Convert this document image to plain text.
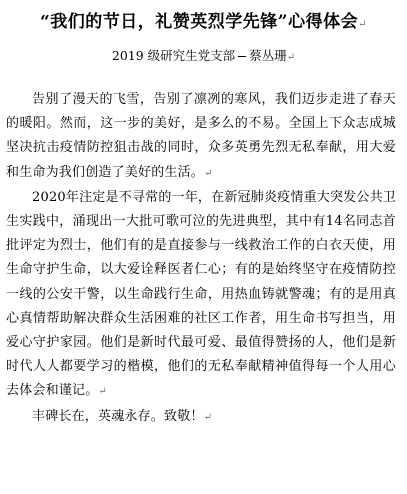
“我们的节日，礼赞英烈学先锋”心得体会↵
2019 级研究生党支部 蔡丛珊↵

告别了漫天的飞雪，告别了凛冽的寒风，我们迈步走进了春天的暖阳。然而，这一步的美好，是多么的不易。全国上下众志成城坚决抗击疫情防控狙击战的同时，众多英勇先烈无私奉献，用大爱和生命为我们创造了美好的生活。↵

2020年注定是不寻常的一年，在新冠肺炎疫情重大突发公共卫生实践中，涌现出一大批可歌可泣的先进典型，其中有14名同志首批评定为烈士，他们有的是直接参与一线救治工作的白衣天使，用生命守护生命，以大爱诠释医者仁心；有的是始终坚守在疫情防控一线的公安干警，以生命践行生命，用热血铸就警魂；有的是用真心真情帮助解决群众生活困难的社区工作者，用生命书写担当，用爱心守护家园。他们是新时代最可爱、最值得赞扬的人，他们是新时代人人都要学习的楷模，他们的无私奉献精神值得每一个人用心去体会和谨记。↵

丰碑长在，英魂永存。致敬！↵
